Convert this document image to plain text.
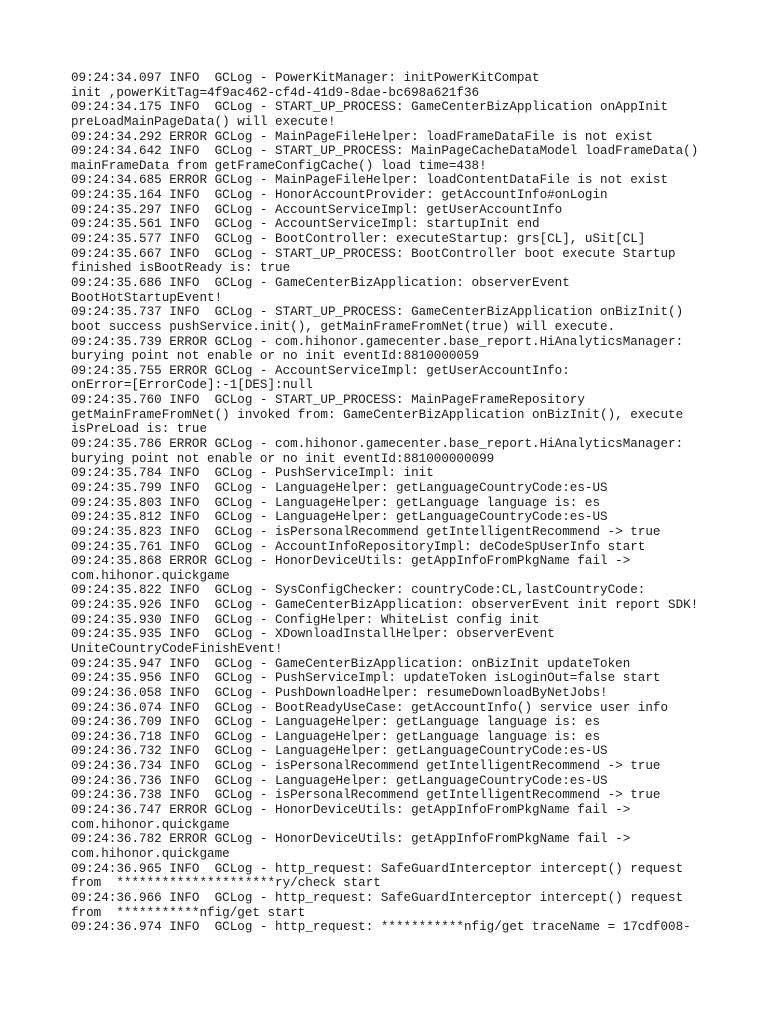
09:24:34.097 INFO  GCLog - PowerKitManager: initPowerKitCompat
init ,powerKitTag=4f9ac462-cf4d-41d9-8dae-bc698a621f36
09:24:34.175 INFO  GCLog - START_UP_PROCESS: GameCenterBizApplication onAppInit
preLoadMainPageData() will execute!
09:24:34.292 ERROR GCLog - MainPageFileHelper: loadFrameDataFile is not exist
09:24:34.642 INFO  GCLog - START_UP_PROCESS: MainPageCacheDataModel loadFrameData()
mainFrameData from getFrameConfigCache() load time=438!
09:24:34.685 ERROR GCLog - MainPageFileHelper: loadContentDataFile is not exist
09:24:35.164 INFO  GCLog - HonorAccountProvider: getAccountInfo#onLogin
09:24:35.297 INFO  GCLog - AccountServiceImpl: getUserAccountInfo
09:24:35.561 INFO  GCLog - AccountServiceImpl: startupInit end
09:24:35.577 INFO  GCLog - BootController: executeStartup: grs[CL], uSit[CL]
09:24:35.667 INFO  GCLog - START_UP_PROCESS: BootController boot execute Startup
finished isBootReady is: true
09:24:35.686 INFO  GCLog - GameCenterBizApplication: observerEvent
BootHotStartupEvent!
09:24:35.737 INFO  GCLog - START_UP_PROCESS: GameCenterBizApplication onBizInit()
boot success pushService.init(), getMainFrameFromNet(true) will execute.
09:24:35.739 ERROR GCLog - com.hihonor.gamecenter.base_report.HiAnalyticsManager:
burying point not enable or no init eventId:8810000059
09:24:35.755 ERROR GCLog - AccountServiceImpl: getUserAccountInfo:
onError=[ErrorCode]:-1[DES]:null
09:24:35.760 INFO  GCLog - START_UP_PROCESS: MainPageFrameRepository
getMainFrameFromNet() invoked from: GameCenterBizApplication onBizInit(), execute
isPreLoad is: true
09:24:35.786 ERROR GCLog - com.hihonor.gamecenter.base_report.HiAnalyticsManager:
burying point not enable or no init eventId:881000000099
09:24:35.784 INFO  GCLog - PushServiceImpl: init
09:24:35.799 INFO  GCLog - LanguageHelper: getLanguageCountryCode:es-US
09:24:35.803 INFO  GCLog - LanguageHelper: getLanguage language is: es
09:24:35.812 INFO  GCLog - LanguageHelper: getLanguageCountryCode:es-US
09:24:35.823 INFO  GCLog - isPersonalRecommend getIntelligentRecommend -> true
09:24:35.761 INFO  GCLog - AccountInfoRepositoryImpl: deCodeSpUserInfo start
09:24:35.868 ERROR GCLog - HonorDeviceUtils: getAppInfoFromPkgName fail ->
com.hihonor.quickgame
09:24:35.822 INFO  GCLog - SysConfigChecker: countryCode:CL,lastCountryCode:
09:24:35.926 INFO  GCLog - GameCenterBizApplication: observerEvent init report SDK!
09:24:35.930 INFO  GCLog - ConfigHelper: WhiteList config init
09:24:35.935 INFO  GCLog - XDownloadInstallHelper: observerEvent
UniteCountryCodeFinishEvent!
09:24:35.947 INFO  GCLog - GameCenterBizApplication: onBizInit updateToken
09:24:35.956 INFO  GCLog - PushServiceImpl: updateToken isLoginOut=false start
09:24:36.058 INFO  GCLog - PushDownloadHelper: resumeDownloadByNetJobs!
09:24:36.074 INFO  GCLog - BootReadyUseCase: getAccountInfo() service user info
09:24:36.709 INFO  GCLog - LanguageHelper: getLanguage language is: es
09:24:36.718 INFO  GCLog - LanguageHelper: getLanguage language is: es
09:24:36.732 INFO  GCLog - LanguageHelper: getLanguageCountryCode:es-US
09:24:36.734 INFO  GCLog - isPersonalRecommend getIntelligentRecommend -> true
09:24:36.736 INFO  GCLog - LanguageHelper: getLanguageCountryCode:es-US
09:24:36.738 INFO  GCLog - isPersonalRecommend getIntelligentRecommend -> true
09:24:36.747 ERROR GCLog - HonorDeviceUtils: getAppInfoFromPkgName fail ->
com.hihonor.quickgame
09:24:36.782 ERROR GCLog - HonorDeviceUtils: getAppInfoFromPkgName fail ->
com.hihonor.quickgame
09:24:36.965 INFO  GCLog - http_request: SafeGuardInterceptor intercept() request
from  *********************ry/check start
09:24:36.966 INFO  GCLog - http_request: SafeGuardInterceptor intercept() request
from  ***********nfig/get start
09:24:36.974 INFO  GCLog - http_request: ***********nfig/get traceName = 17cdf008-
